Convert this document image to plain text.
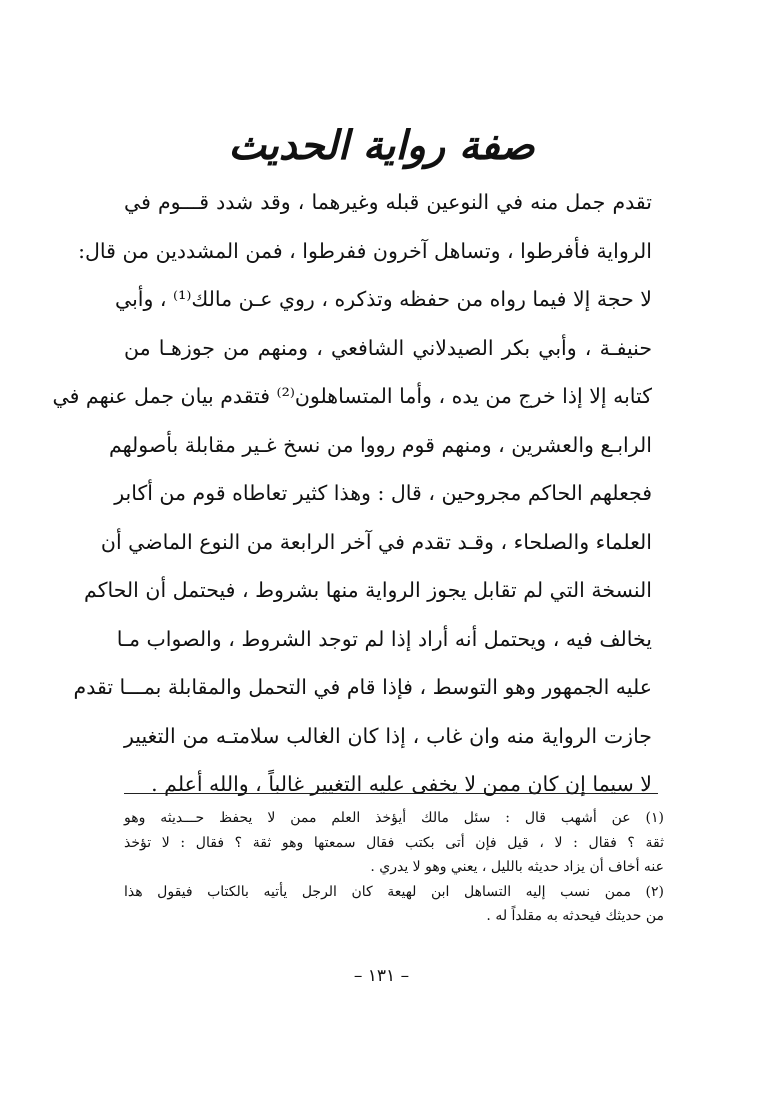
صفة رواية الحديث
تقدم جمل منه في النوعين قبله وغيرهما ، وقد شدد قـــوم في
الرواية فأفرطوا ، وتساهل آخرون ففرطوا ، فمن المشددين من قال:
لا حجة إلا فيما رواه من حفظه وتذكره ، روي عـن مالك⁽¹⁾ ، وأبي
حنيفـة ، وأبي بكر الصيدلاني الشافعي ، ومنهم من جوزهـا من
كتابه إلا إذا خرج من يده ، وأما المتساهلون⁽²⁾ فتقدم بيان جمل عنهم في
الرابـع والعشرين ، ومنهم قوم رووا من نسخ غـير مقابلة بأصولهم
فجعلهم الحاكم مجروحين ، قال : وهذا كثير تعاطاه قوم من أكابر
العلماء والصلحاء ، وقـد تقدم في آخر الرابعة من النوع الماضي أن
النسخة التي لم تقابل يجوز الرواية منها بشروط ، فيحتمل أن الحاكم
يخالف فيه ، ويحتمل أنه أراد إذا لم توجد الشروط ، والصواب مـا
عليه الجمهور وهو التوسط ، فإذا قام في التحمل والمقابلة بمـــا تقدم
جازت الرواية منه وان غاب ، إذا كان الغالب سلامتـه من التغيير
لا سيما إن كان ممن لا يخفى عليه التغيير غالباً ، والله أعلم .
(١) عن أشهب قال : سئل مالك أيؤخذ العلم ممن لا يحفظ حـــديثه وهو
ثقة ؟ فقال : لا ، قيل فإن أتى بكتب فقال سمعتها وهو ثقة ؟ فقال : لا تؤخذ
عنه أخاف أن يزاد حديثه بالليل ، يعني وهو لا يدري .
(٢) ممن نسب إليه التساهل ابن لهيعة كان الرجل يأتيه بالكتاب فيقول هذا
من حديثك فيحدثه به مقلداً له .
– ١٣١ –
